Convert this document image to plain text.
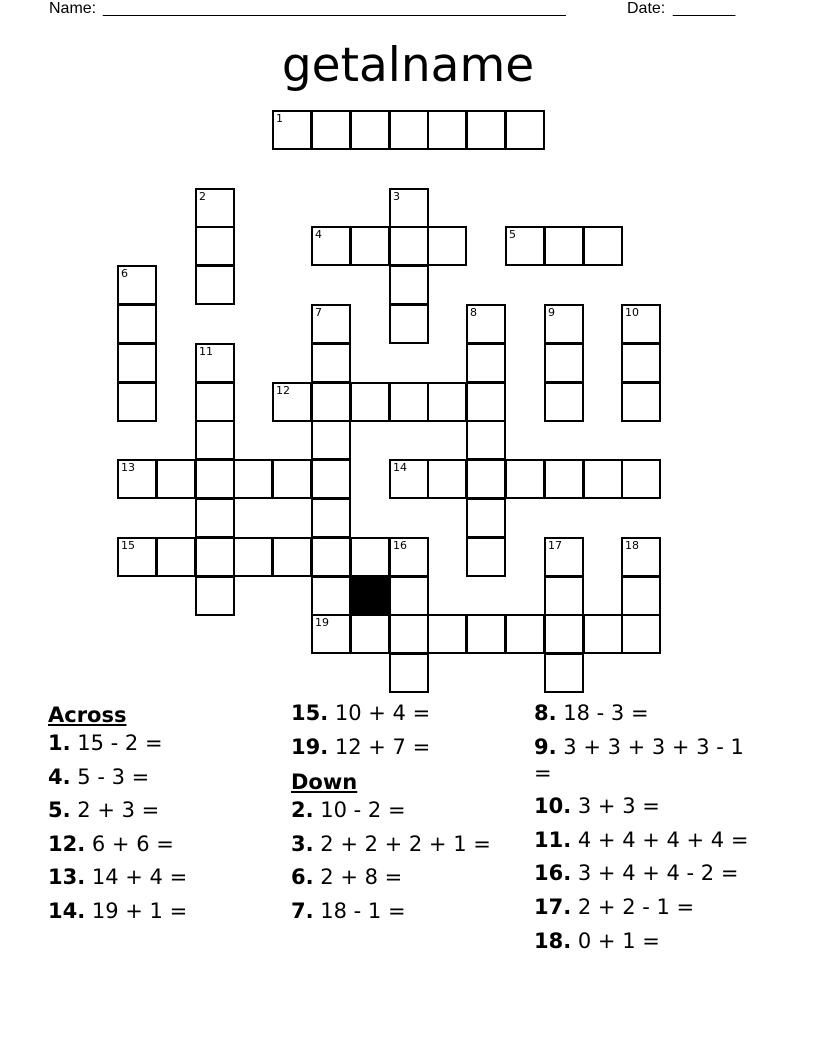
Name: ____________________________________________________	Date: _______
getalname
1
2	3
4	5
6
7
19
8	9	10
11
12
13	14
15	16	17	18
Across
1. 15 - 2 =
4. 5 - 3 =
5. 2 + 3 =
12. 6 + 6 =
13. 14 + 4 =
14. 19 + 1 =
15. 10 + 4 =
19. 12 + 7 =
Down
2. 10 - 2 =
3. 2 + 2 + 2 + 1 =
6. 2 + 8 =
7. 18 - 1 =
8. 18 - 3 =
9. 3 + 3 + 3 + 3 - 1 =
10. 3 + 3 =
11. 4 + 4 + 4 + 4 =
16. 3 + 4 + 4 - 2 =
17. 2 + 2 - 1 =
18. 0 + 1 =
